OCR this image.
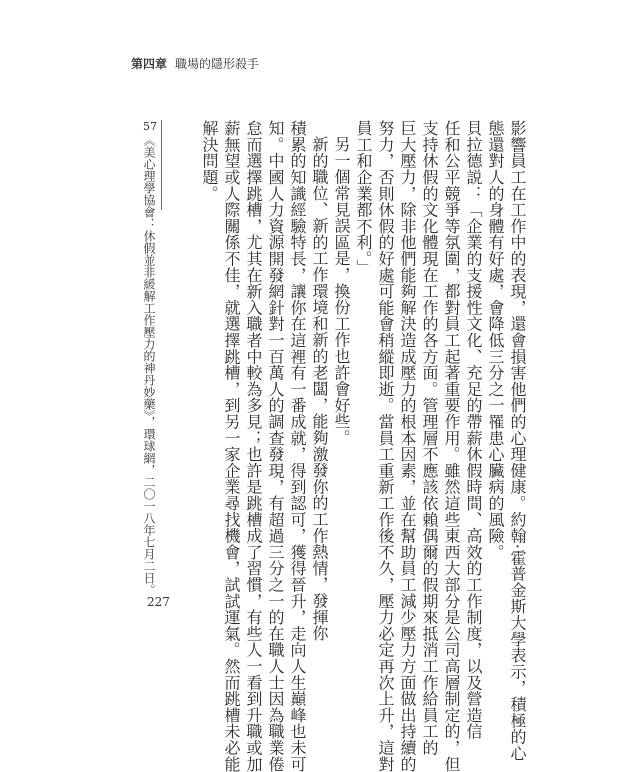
第四章 職場的隱形殺手
影響員工在工作中的表現，還會損害他們的心理健康。約翰·霍普金斯大學表示，積極的心
態還對人的身體有好處，會降低三分之一罹患心臟病的風險。
貝拉德説：「企業的支援性文化、充足的帶薪休假時間、高效的工作制度，以及營造信
任和公平競爭等氛圍，都對員工起著重要作用。雖然這些東西大部分是公司高層制定的，但
支持休假的文化體現在工作的各方面。管理層不應該依賴偶爾的假期來抵消工作給員工的
巨大壓力，除非他們能夠解決造成壓力的根本因素，並在幫助員工減少壓力方面做出持續的
努力，否則休假的好處可能會稍縱即逝。當員工重新工作後不久，壓力必定再次上升，這對
員工和企業都不利。」
另一個常見誤區是，換份工作也許會好些。
新的職位、新的工作環境和新的老闆，能夠激發你的工作熱情，發揮你
積累的知識經驗特長，讓你在這裡有一番成就，得到認可，獲得晉升，走向人生巔峰也未可
知。中國人力資源開發網針對一百萬人的調查發現，有超過三分之一的在職人士因為職業倦
怠而選擇跳槽，尤其在新入職者中較為多見；也許是跳槽成了習慣，有些人一看到升職或加
薪無望或人際關係不佳，就選擇跳槽，到另一家企業尋找機會，試試運氣。然而跳槽未必能
解決問題。
57
《美心理學協會：休假並非緩解工作壓力的神丹妙藥》，環球網，二〇一八年七月二日。
227
